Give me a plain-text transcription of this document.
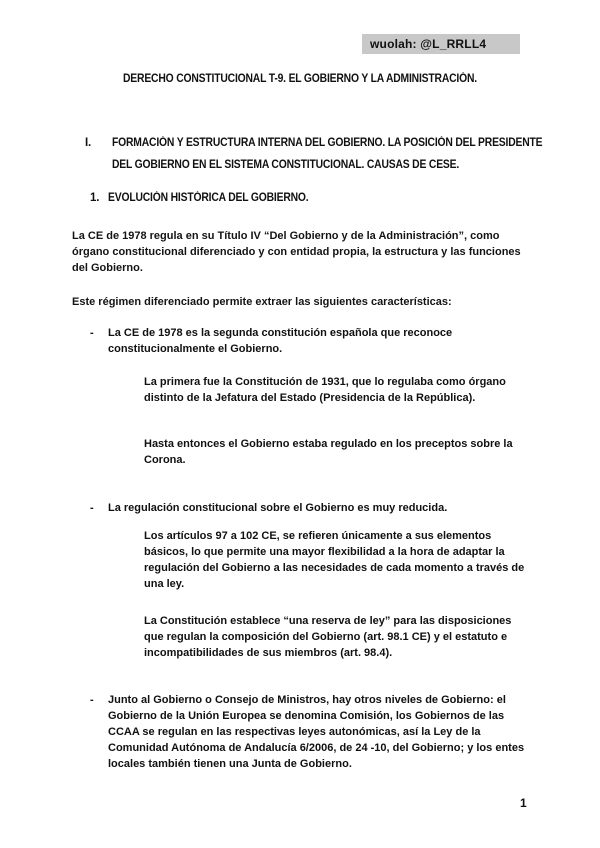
wuolah: @L_RRLL4
DERECHO CONSTITUCIONAL T-9. EL GOBIERNO Y LA ADMINISTRACIÓN.
I. FORMACIÓN Y ESTRUCTURA INTERNA DEL GOBIERNO. LA POSICIÓN DEL PRESIDENTE DEL GOBIERNO EN EL SISTEMA CONSTITUCIONAL. CAUSAS DE CESE.
1. EVOLUCIÓN HISTÓRICA DEL GOBIERNO.
La CE de 1978 regula en su Título IV “Del Gobierno y de la Administración”, como órgano constitucional diferenciado y con entidad propia, la estructura y las funciones del Gobierno.
Este régimen diferenciado permite extraer las siguientes características:
- La CE de 1978 es la segunda constitución española que reconoce constitucionalmente el Gobierno.
La primera fue la Constitución de 1931, que lo regulaba como órgano distinto de la Jefatura del Estado (Presidencia de la República).
Hasta entonces el Gobierno estaba regulado en los preceptos sobre la Corona.
- La regulación constitucional sobre el Gobierno es muy reducida.
Los artículos 97 a 102 CE, se refieren únicamente a sus elementos básicos, lo que permite una mayor flexibilidad a la hora de adaptar la regulación del Gobierno a las necesidades de cada momento a través de una ley.
La Constitución establece “una reserva de ley” para las disposiciones que regulan la composición del Gobierno (art. 98.1 CE) y el estatuto e incompatibilidades de sus miembros (art. 98.4).
- Junto al Gobierno o Consejo de Ministros, hay otros niveles de Gobierno: el Gobierno de la Unión Europea se denomina Comisión, los Gobiernos de las CCAA se regulan en las respectivas leyes autonómicas, así la Ley de la Comunidad Autónoma de Andalucía 6/2006, de 24 -10, del Gobierno; y los entes locales también tienen una Junta de Gobierno.
1
